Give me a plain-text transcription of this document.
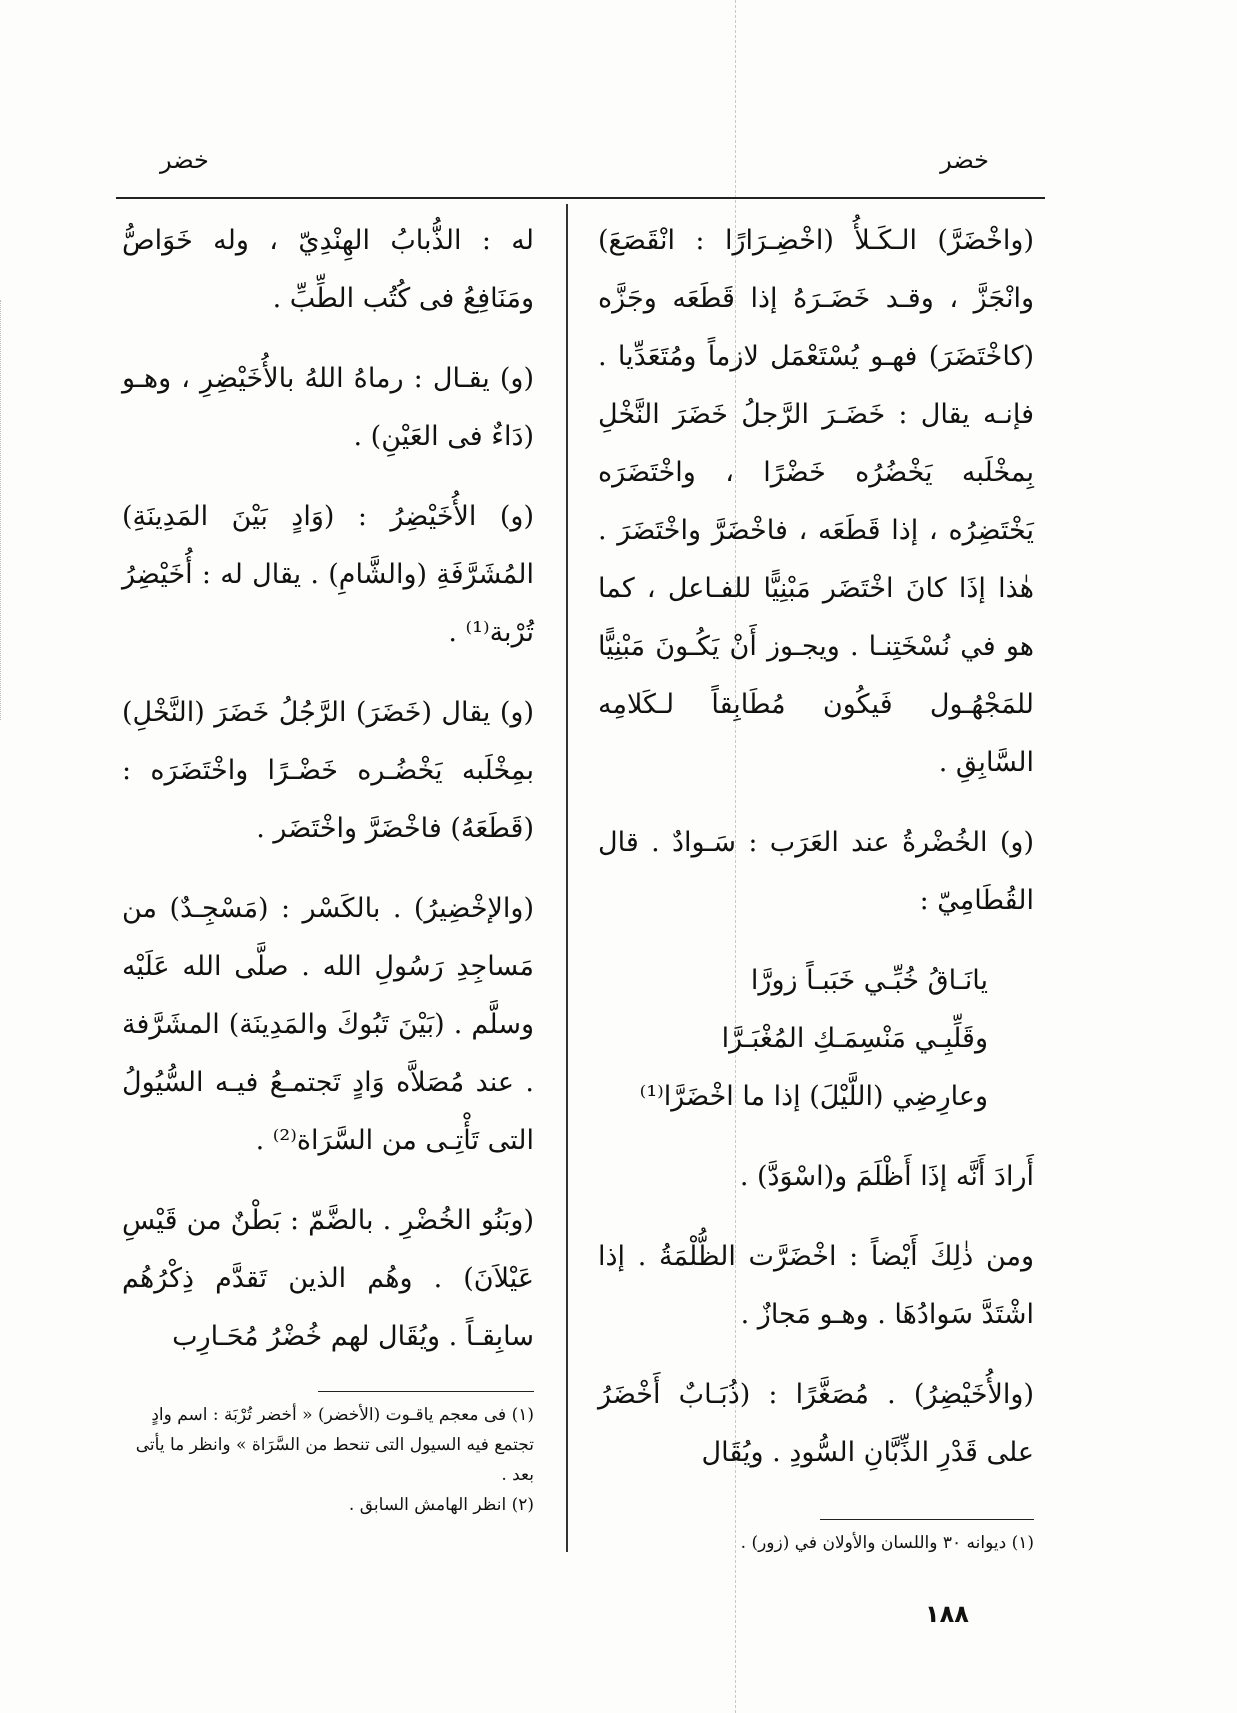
خضر
خضر

(واخْضَرَّ) الـكَـلأُ (اخْضِـرَارًا : انْقَصَعَ) وانْجَزَّ ، وقـد خَضَـرَهُ إذا قَطَعَه وجَزَّه (كاخْتَضَرَ) فهـو يُسْتَعْمَل لازماً ومُتَعَدِّيا . فإنـه يقال : خَضَـرَ الرَّجلُ خَضَرَ النَّخْلِ بِمخْلَبه يَخْضُرُه خَضْرًا ، واخْتَضَرَه يَخْتَضِرُه ، إذا قَطَعَه ، فاخْضَرَّ واخْتَضَرَ . هٰذا إذَا كانَ اخْتَضَر مَبْنِيًّا للفـاعل ، كما هو في نُسْخَتِنـا . ويجـوز أَنْ يَكُـونَ مَبْنِيًّا للمَجْهُـول فَيكُون مُطَابِقاً لـكَلامِه السَّابِقِ .

(و) الخُضْرةُ عند العَرَب : سَـوادٌ . قال القُطَامِيّ :

يانَـاقُ خُبِّـي خَبَبـاً زورَّا

وقَلِّبِـي مَنْسِمَـكِ المُغْبَـرَّا

وعارِضِي (اللَّيْلَ) إذا ما اخْضَرَّا⁽¹⁾

أَرادَ أَنَّه إذَا أَظْلَمَ و(اسْوَدَّ) .

ومن ذٰلِكَ أَيْضاً : اخْضَرَّت الظُّلْمَةُ . إذا اشْتَدَّ سَوادُهَا . وهـو مَجازٌ .

(والأُخَيْضِرُ) . مُصَغَّرًا : (ذُبَـابٌ أَخْضَرُ على قَدْرِ الذِّبَّانِ السُّودِ . ويُقَال

له : الذُّبابُ الهِنْدِيّ ، وله خَوَاصُّ ومَنَافِعُ فى كُتُب الطِّبِّ .

(و) يقـال : رماهُ اللهُ بالأُخَيْضِرِ ، وهـو (دَاءٌ فى العَيْنِ) .

(و) الأُخَيْضِرُ : (وَادٍ بَيْنَ المَدِينَةِ) المُشَرَّفَةِ (والشَّامِ) . يقال له : أُخَيْضِرُ تُرْبة⁽¹⁾ .

(و) يقال (خَضَرَ) الرَّجُلُ خَضَرَ (النَّخْلِ) بمِخْلَبه يَخْضُـره خَضْـرًا واخْتَضَرَه : (قَطَعَهُ) فاخْضَرَّ واخْتَضَر .

(والإخْضِيرُ) . بالكَسْر : (مَسْجِـدٌ) من مَساجِدِ رَسُولِ الله . صلَّى الله عَلَيْه وسلَّم . (بَيْنَ تَبُوكَ والمَدِينَة) المشَرَّفة . عند مُصَلاَّه وَادٍ تَجتمـعُ فيـه السُّيُولُ التى تَأْتِـى من السَّرَاة⁽²⁾ .

(وبَنُو الخُضْرِ . بالضَّمّ : بَطْنٌ من قَيْسِ عَيْلاَنَ) . وهُم الذين تَقدَّم ذِكْرُهُم سابِقـاً . ويُقَال لهم خُضْرُ مُحَـارِب

(١) فى معجم ياقـوت (الأخضر) « أخضر تُرْبَة : اسم وادٍ تجتمع فيه السيول التى تنحط من السَّرَاة » وانظر ما يأتى بعد .

(٢) انظر الهامش السابق .

(١) ديوانه ٣٠ واللسان والأولان في (زور) .

١٨٨
